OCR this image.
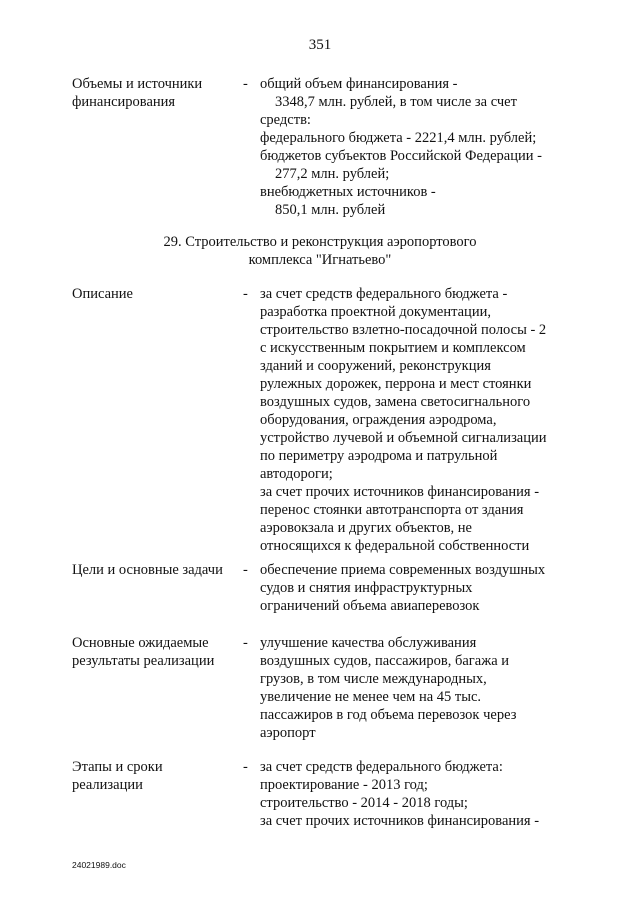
351
Объемы и источники
финансирования
- общий объем финансирования -
3348,7 млн. рублей, в том числе за счет
средств:
федерального бюджета - 2221,4 млн. рублей;
бюджетов субъектов Российской Федерации -
277,2 млн. рублей;
внебюджетных источников -
850,1 млн. рублей
29. Строительство и реконструкция аэропортового
комплекса "Игнатьево"
Описание	- за счет средств федерального бюджета -
разработка проектной документации,
строительство взлетно-посадочной полосы - 2
с искусственным покрытием и комплексом
зданий и сооружений, реконструкция
рулежных дорожек, перрона и мест стоянки
воздушных судов, замена светосигнального
оборудования, ограждения аэродрома,
устройство лучевой и объемной сигнализации
по периметру аэродрома и патрульной
автодороги;
за счет прочих источников финансирования -
перенос стоянки автотранспорта от здания
аэровокзала и других объектов, не
относящихся к федеральной собственности
Цели и основные задачи	- обеспечение приема современных воздушных
судов и снятия инфраструктурных
ограничений объема авиаперевозок
Основные ожидаемые
результаты реализации
- улучшение качества обслуживания
воздушных судов, пассажиров, багажа и
грузов, в том числе международных,
увеличение не менее чем на 45 тыс.
пассажиров в год объема перевозок через
аэропорт
Этапы и сроки
реализации
- за счет средств федерального бюджета:
проектирование - 2013 год;
строительство - 2014 - 2018 годы;
за счет прочих источников финансирования -
24021989.doc
